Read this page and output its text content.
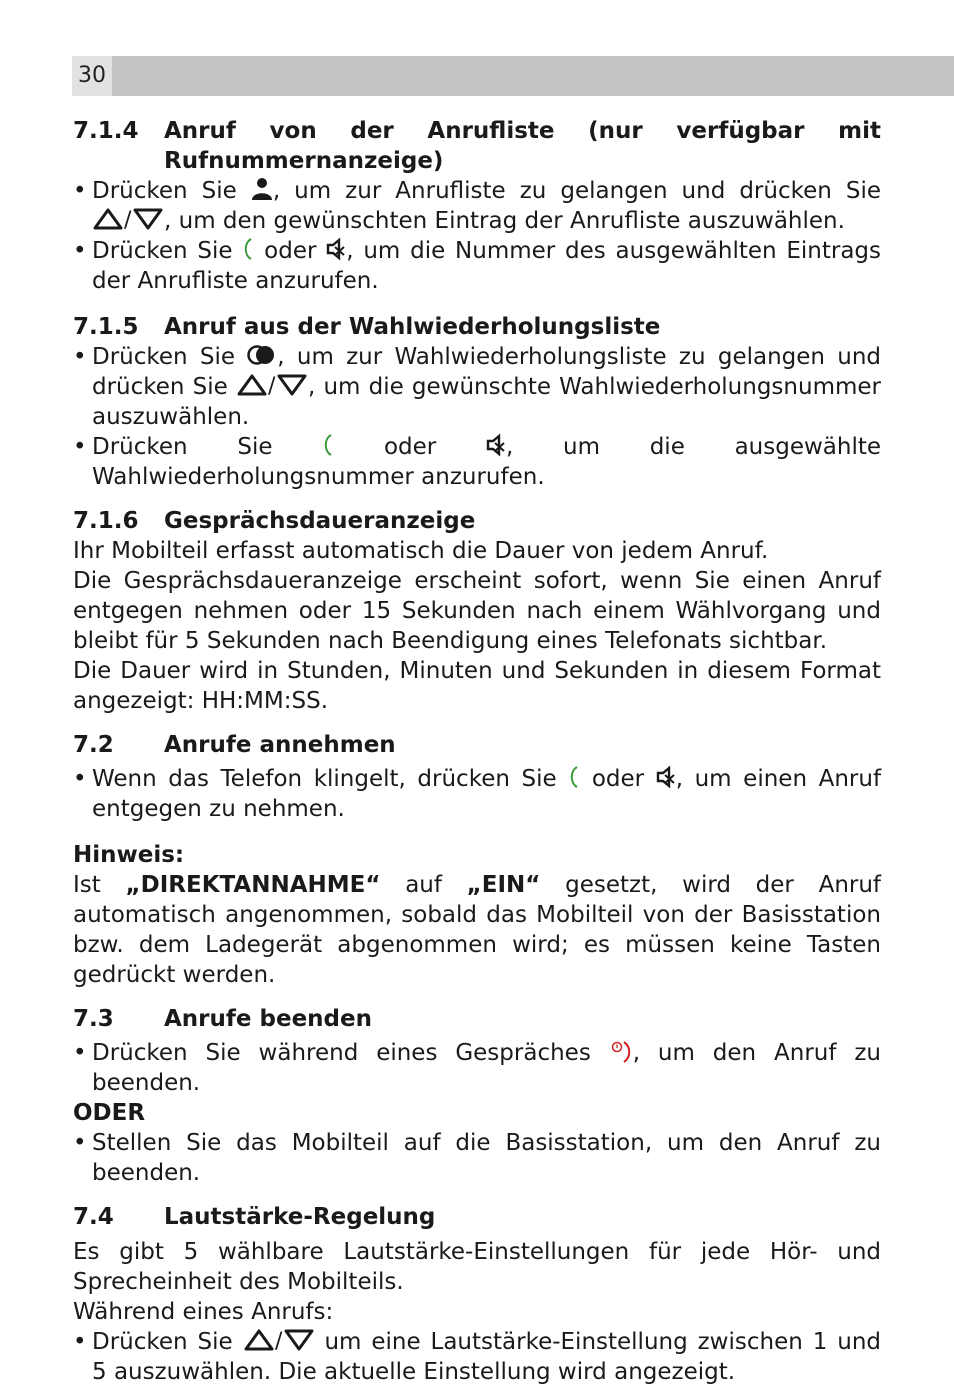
30
7.1.4	Anruf von der Anrufliste (nur verfügbar mit Rufnummernanzeige)
• Drücken Sie , um zur Anrufliste zu gelangen und drücken Sie
/ , um den gewünschten Eintrag der Anrufliste auszuwählen.
• Drücken Sie oder , um die Nummer des ausgewählten Eintrags der Anrufliste anzurufen.
7.1.5	Anruf aus der Wahlwiederholungsliste
• Drücken Sie , um zur Wahlwiederholungsliste zu gelangen und drücken Sie / , um die gewünschte Wahlwiederholungsnummer auszuwählen.
• Drücken Sie	oder	, um die ausgewählte Wahlwiederholungsnummer anzurufen.
7.1.6	Gesprächsdaueranzeige

Ihr Mobilteil erfasst automatisch die Dauer von jedem Anruf.

Die Gesprächsdaueranzeige erscheint sofort, wenn Sie einen Anruf entgegen nehmen oder 15 Sekunden nach einem Wählvorgang und bleibt für 5 Sekunden nach Beendigung eines Telefonats sichtbar.

Die Dauer wird in Stunden, Minuten und Sekunden in diesem Format angezeigt: HH:MM:SS.

7.2	Anrufe annehmen
• Wenn das Telefon klingelt, drücken Sie oder , um einen Anruf entgegen zu nehmen.

Hinweis:

Ist „DIREKTANNAHME“ auf „EIN“ gesetzt, wird der Anruf automatisch angenommen, sobald das Mobilteil von der Basisstation bzw. dem Ladegerät abgenommen wird; es müssen keine Tasten gedrückt werden.

7.3	Anrufe beenden
• Drücken Sie während eines Gespräches , um den Anruf zu beenden.

ODER

• Stellen Sie das Mobilteil auf die Basisstation, um den Anruf zu beenden.
7.4	Lautstärke-Regelung

Es gibt 5 wählbare Lautstärke-Einstellungen für jede Hör- und Sprecheinheit des Mobilteils.

Während eines Anrufs:

• Drücken Sie / um eine Lautstärke-Einstellung zwischen 1 und 5 auszuwählen. Die aktuelle Einstellung wird angezeigt.
